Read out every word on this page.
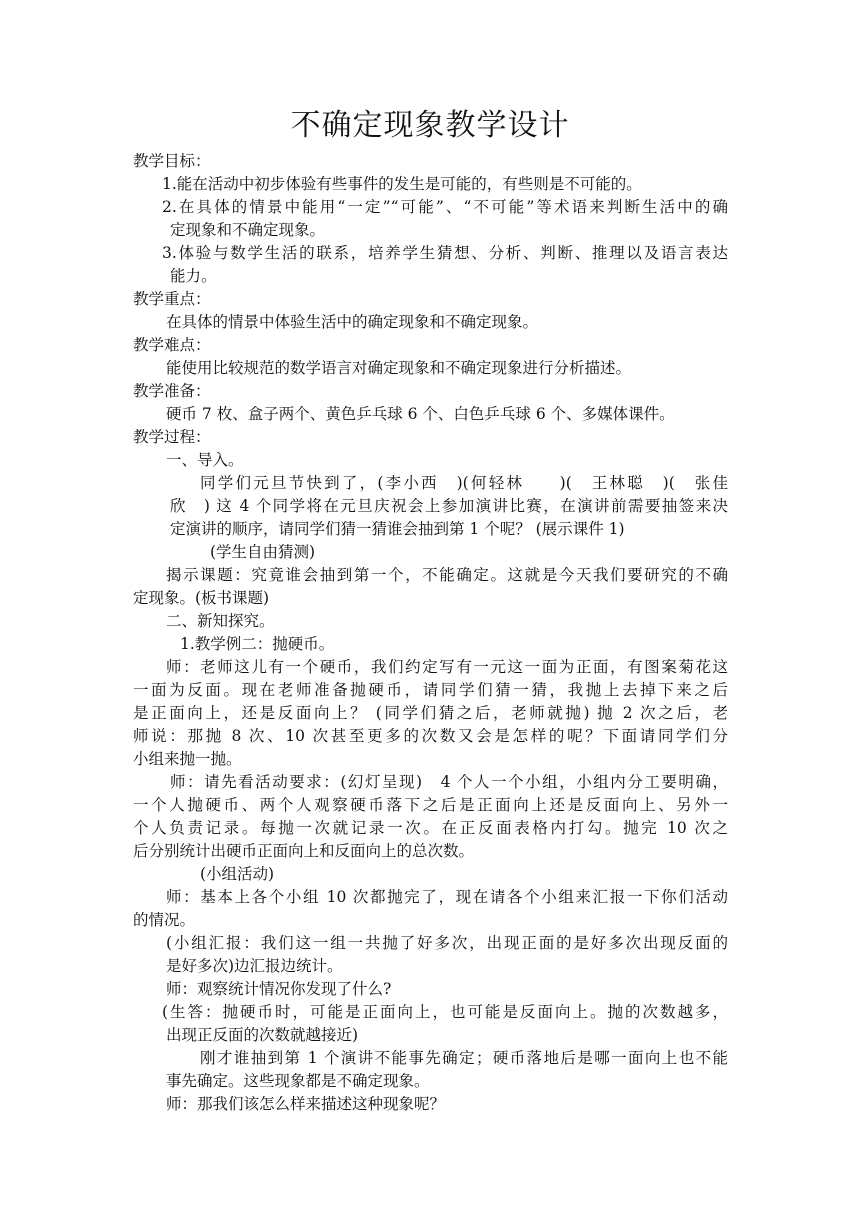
不确定现象教学设计
教学目标：
1.能在活动中初步体验有些事件的发生是可能的，有些则是不可能的。
2.在具体的情景中能用“一定”“可能”、“不可能”等术语来判断生活中的确
定现象和不确定现象。
3.体验与数学生活的联系，培养学生猜想、分析、判断、推理以及语言表达
能力。
教学重点：
在具体的情景中体验生活中的确定现象和不确定现象。
教学难点：
能使用比较规范的数学语言对确定现象和不确定现象进行分析描述。
教学准备：
硬币 7 枚、盒子两个、黄色乒乓球 6 个、白色乒乓球 6 个、多媒体课件。
教学过程：
一、导入。
同学们元旦节快到了，(李小西　)(何轻林　　)(　王林聪　)(　张佳
欣　) 这 4 个同学将在元旦庆祝会上参加演讲比赛，在演讲前需要抽签来决
定演讲的顺序，请同学们猜一猜谁会抽到第 1 个呢？ (展示课件 1)
(学生自由猜测)
揭示课题：究竟谁会抽到第一个，不能确定。这就是今天我们要研究的不确
定现象。(板书课题)
二、新知探究。
1.教学例二：抛硬币。
师：老师这儿有一个硬币，我们约定写有一元这一面为正面，有图案菊花这
一面为反面。现在老师准备抛硬币，请同学们猜一猜，我抛上去掉下来之后
是正面向上，还是反面向上？ (同学们猜之后，老师就抛) 抛 2 次之后，老
师说：那抛 8 次、10 次甚至更多的次数又会是怎样的呢？下面请同学们分
小组来抛一抛。
师：请先看活动要求：(幻灯呈现)　4 个人一个小组，小组内分工要明确，
一个人抛硬币、两个人观察硬币落下之后是正面向上还是反面向上、另外一
个人负责记录。每抛一次就记录一次。在正反面表格内打勾。抛完 10 次之
后分别统计出硬币正面向上和反面向上的总次数。
(小组活动)
师：基本上各个小组 10 次都抛完了，现在请各个小组来汇报一下你们活动
的情况。
(小组汇报：我们这一组一共抛了好多次，出现正面的是好多次出现反面的
是好多次)边汇报边统计。
师：观察统计情况你发现了什么?
(生答：抛硬币时，可能是正面向上，也可能是反面向上。抛的次数越多，
出现正反面的次数就越接近)
刚才谁抽到第 1 个演讲不能事先确定；硬币落地后是哪一面向上也不能
事先确定。这些现象都是不确定现象。
师：那我们该怎么样来描述这种现象呢？
